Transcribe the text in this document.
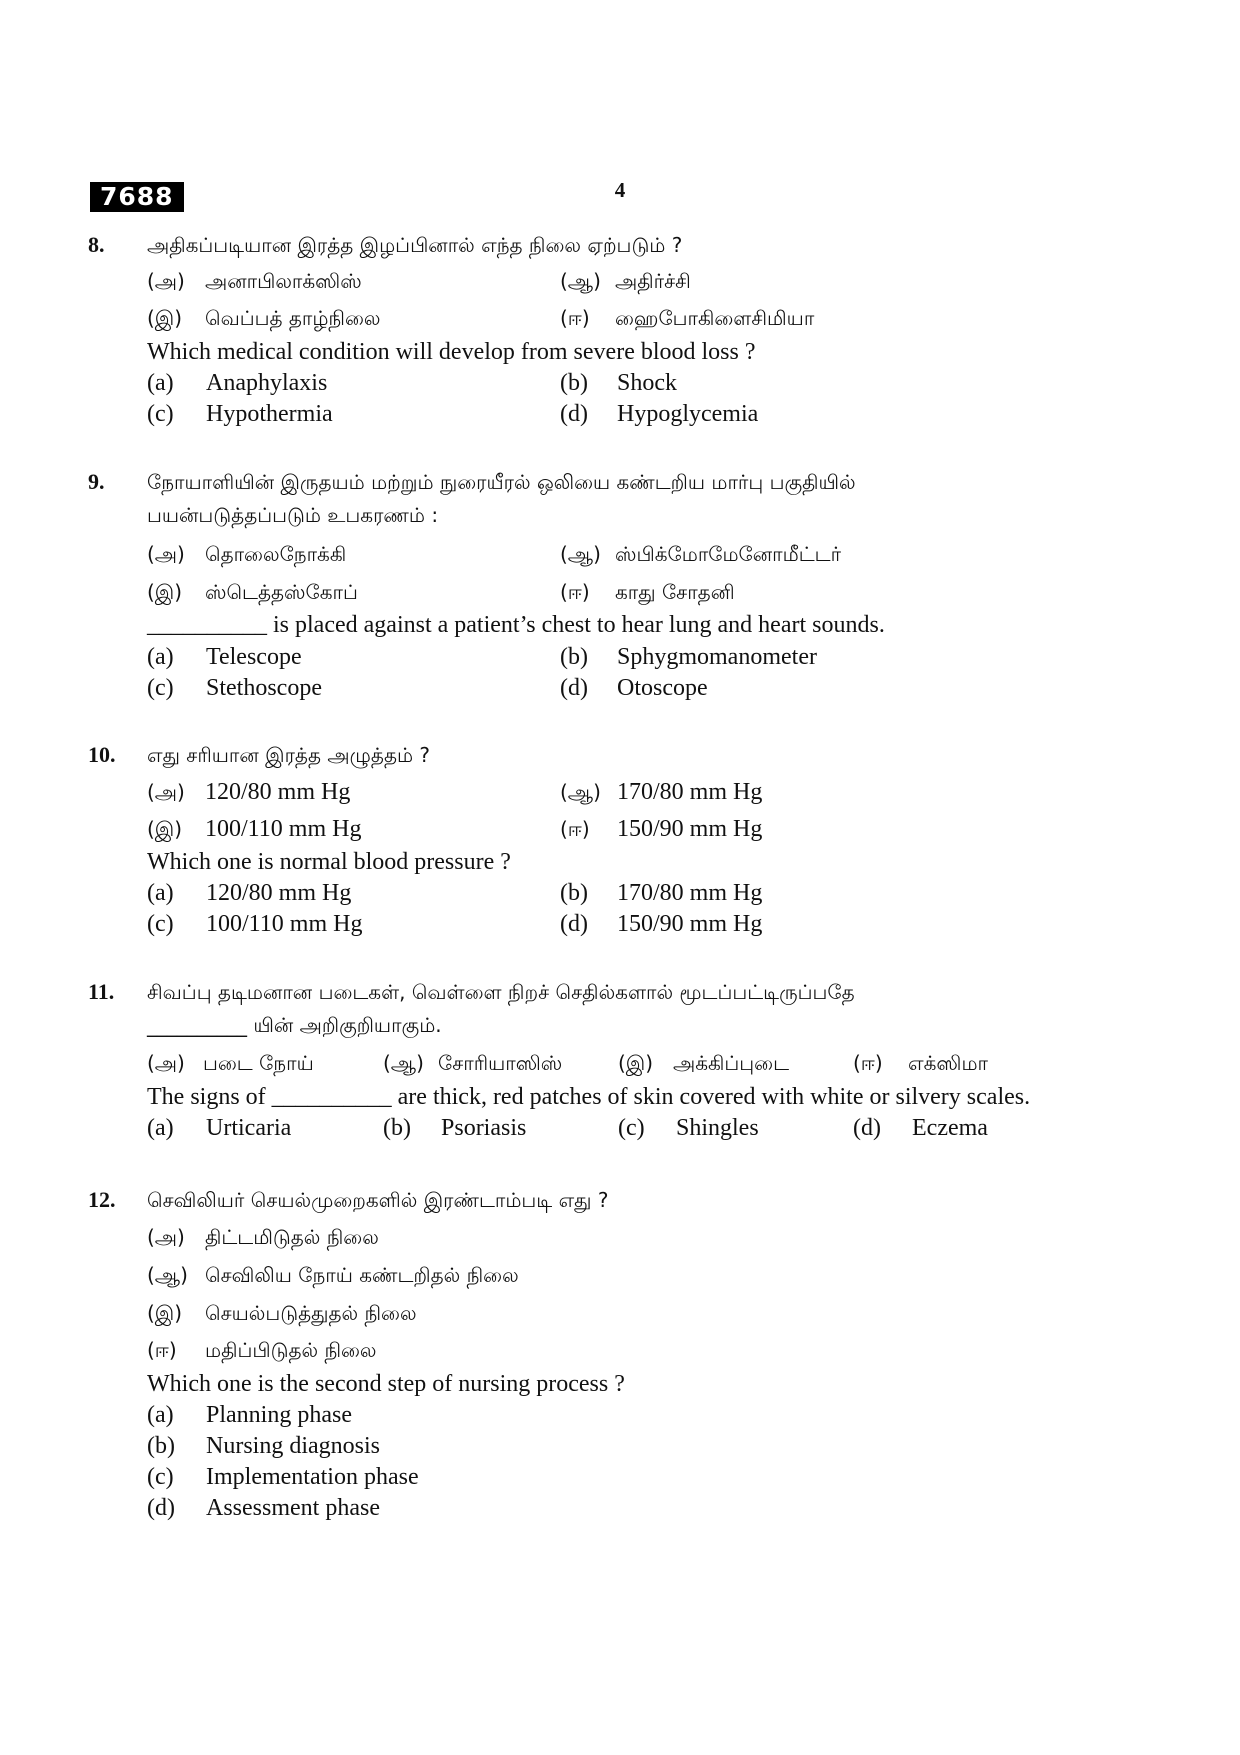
7688	4
8. அதிகப்படியான இரத்த இழப்பினால் எந்த நிலை ஏற்படும் ?
(அ) அனாபிலாக்ஸிஸ்	(ஆ) அதிர்ச்சி
(இ) வெப்பத் தாழ்நிலை	(ஈ) ஹைபோகிளைசிமியா
Which medical condition will develop from severe blood loss ?
(a) Anaphylaxis	(b) Shock
(c) Hypothermia	(d) Hypoglycemia
9. நோயாளியின் இருதயம் மற்றும் நுரையீரல் ஒலியை கண்டறிய மார்பு பகுதியில்
பயன்படுத்தப்படும் உபகரணம் :
(அ) தொலைநோக்கி	(ஆ) ஸ்பிக்மோமேனோமீட்டர்
(இ) ஸ்டெத்தஸ்கோப்	(ஈ) காது சோதனி
__________ is placed against a patient’s chest to hear lung and heart sounds.
(a) Telescope	(b) Sphygmomanometer
(c) Stethoscope	(d) Otoscope
10. எது சரியான இரத்த அழுத்தம் ?
(அ) 120/80 mm Hg	(ஆ) 170/80 mm Hg
(இ) 100/110 mm Hg	(ஈ) 150/90 mm Hg
Which one is normal blood pressure ?
(a) 120/80 mm Hg	(b) 170/80 mm Hg
(c) 100/110 mm Hg	(d) 150/90 mm Hg
11. சிவப்பு தடிமனான படைகள், வெள்ளை நிறச் செதில்களால் மூடப்பட்டிருப்பதே
__________ யின் அறிகுறியாகும்.
(அ) படை நோய்	(ஆ) சோரியாஸிஸ்	(இ) அக்கிப்புடை	(ஈ) எக்ஸிமா
The signs of __________ are thick, red patches of skin covered with white or silvery scales.
(a) Urticaria	(b) Psoriasis	(c) Shingles	(d) Eczema
12. செவிலியர் செயல்முறைகளில் இரண்டாம்படி எது ?
(அ) திட்டமிடுதல் நிலை
(ஆ) செவிலிய நோய் கண்டறிதல் நிலை
(இ) செயல்படுத்துதல் நிலை
(ஈ) மதிப்பிடுதல் நிலை
Which one is the second step of nursing process ?
(a) Planning phase
(b) Nursing diagnosis
(c) Implementation phase
(d) Assessment phase
